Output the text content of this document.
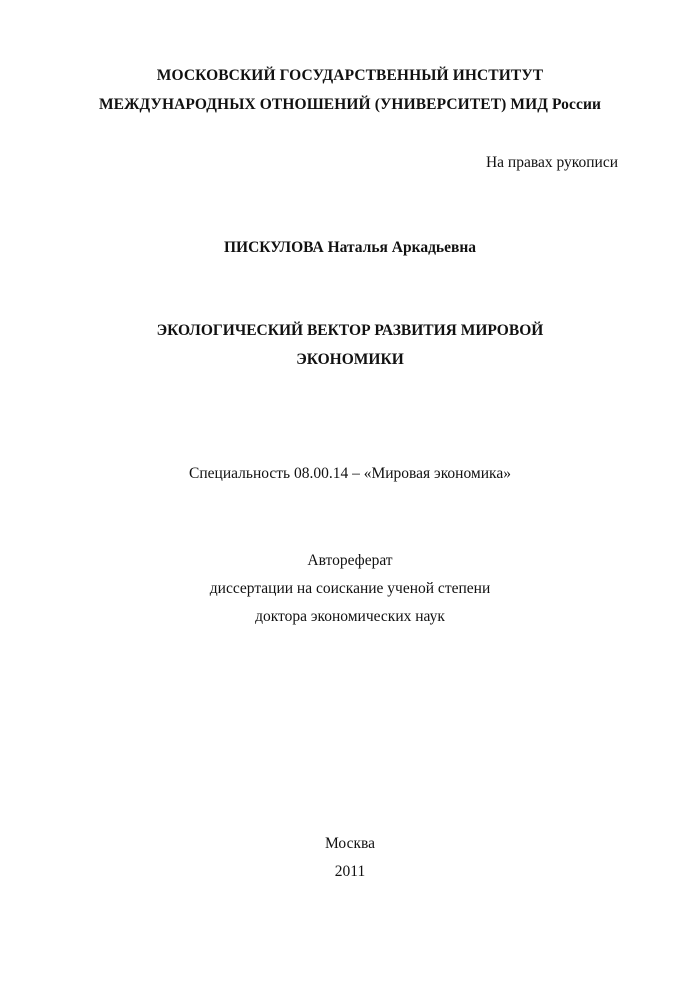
МОСКОВСКИЙ ГОСУДАРСТВЕННЫЙ ИНСТИТУТ
МЕЖДУНАРОДНЫХ ОТНОШЕНИЙ (УНИВЕРСИТЕТ) МИД России
На правах рукописи
ПИСКУЛОВА Наталья Аркадьевна
ЭКОЛОГИЧЕСКИЙ ВЕКТОР РАЗВИТИЯ МИРОВОЙ
ЭКОНОМИКИ
Специальность 08.00.14 – «Мировая экономика»
Автореферат
диссертации на соискание ученой степени
доктора экономических наук
Москва
2011
